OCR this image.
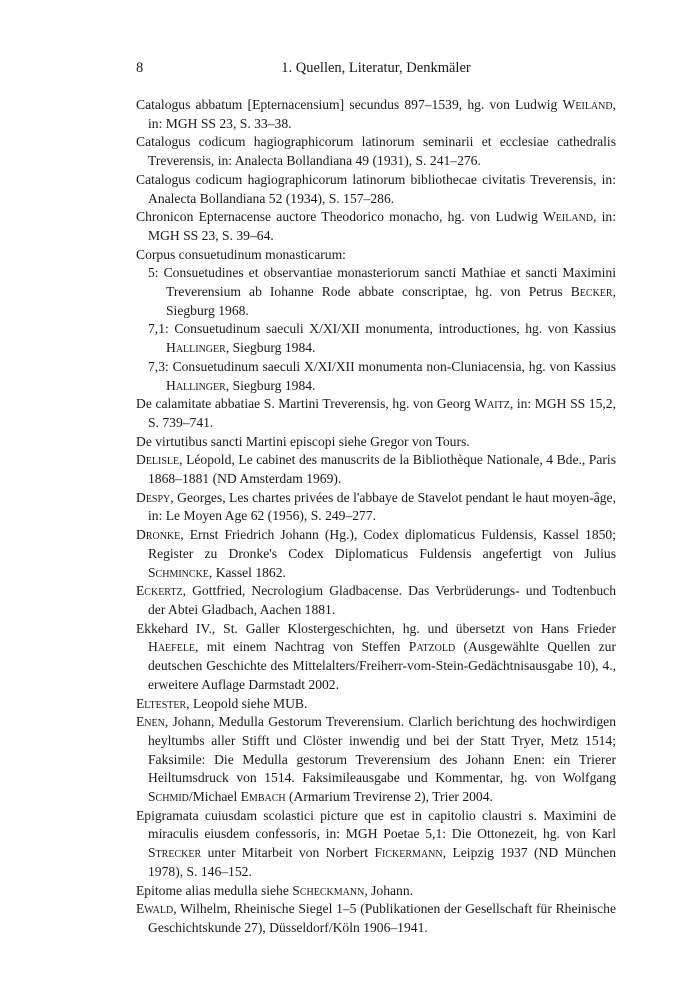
8	1. Quellen, Literatur, Denkmäler

Catalogus abbatum [Epternacensium] secundus 897–1539, hg. von Ludwig Weiland, in: MGH SS 23, S. 33–38.

Catalogus codicum hagiographicorum latinorum seminarii et ecclesiae cathedralis Treverensis, in: Analecta Bollandiana 49 (1931), S. 241–276.

Catalogus codicum hagiographicorum latinorum bibliothecae civitatis Treverensis, in: Analecta Bollandiana 52 (1934), S. 157–286.

Chronicon Epternacense auctore Theodorico monacho, hg. von Ludwig Weiland, in: MGH SS 23, S. 39–64.

Corpus consuetudinum monasticarum:

5: Consuetudines et observantiae monasteriorum sancti Mathiae et sancti Maximini Treverensium ab Iohanne Rode abbate conscriptae, hg. von Petrus Becker, Siegburg 1968.

7,1: Consuetudinum saeculi X/XI/XII monumenta, introductiones, hg. von Kassius Hallinger, Siegburg 1984.

7,3: Consuetudinum saeculi X/XI/XII monumenta non-Cluniacensia, hg. von Kassius Hallinger, Siegburg 1984.

De calamitate abbatiae S. Martini Treverensis, hg. von Georg Waitz, in: MGH SS 15,2, S. 739–741.

De virtutibus sancti Martini episcopi siehe Gregor von Tours.

Delisle, Léopold, Le cabinet des manuscrits de la Bibliothèque Nationale, 4 Bde., Paris 1868–1881 (ND Amsterdam 1969).

Despy, Georges, Les chartes privées de l'abbaye de Stavelot pendant le haut moyen-âge, in: Le Moyen Age 62 (1956), S. 249–277.

Dronke, Ernst Friedrich Johann (Hg.), Codex diplomaticus Fuldensis, Kassel 1850; Register zu Dronke's Codex Diplomaticus Fuldensis angefertigt von Julius Schmincke, Kassel 1862.

Eckertz, Gottfried, Necrologium Gladbacense. Das Verbrüderungs- und Todtenbuch der Abtei Gladbach, Aachen 1881.

Ekkehard IV., St. Galler Klostergeschichten, hg. und übersetzt von Hans Frieder Haefele, mit einem Nachtrag von Steffen Patzold (Ausgewählte Quellen zur deutschen Geschichte des Mittelalters/Freiherr-vom-Stein-Gedächtnisausgabe 10), 4., erweitere Auflage Darmstadt 2002.

Eltester, Leopold siehe MUB.

Enen, Johann, Medulla Gestorum Treverensium. Clarlich berichtung des hochwirdigen heyltumbs aller Stifft und Clöster inwendig und bei der Statt Tryer, Metz 1514; Faksimile: Die Medulla gestorum Treverensium des Johann Enen: ein Trierer Heiltumsdruck von 1514. Faksimileausgabe und Kommentar, hg. von Wolfgang Schmid/Michael Embach (Armarium Trevirense 2), Trier 2004.

Epigramata cuiusdam scolastici picture que est in capitolio claustri s. Maximini de miraculis eiusdem confessoris, in: MGH Poetae 5,1: Die Ottonezeit, hg. von Karl Strecker unter Mitarbeit von Norbert Fickermann, Leipzig 1937 (ND München 1978), S. 146–152.

Epitome alias medulla siehe Scheckmann, Johann.

Ewald, Wilhelm, Rheinische Siegel 1–5 (Publikationen der Gesellschaft für Rheinische Geschichtskunde 27), Düsseldorf/Köln 1906–1941.
